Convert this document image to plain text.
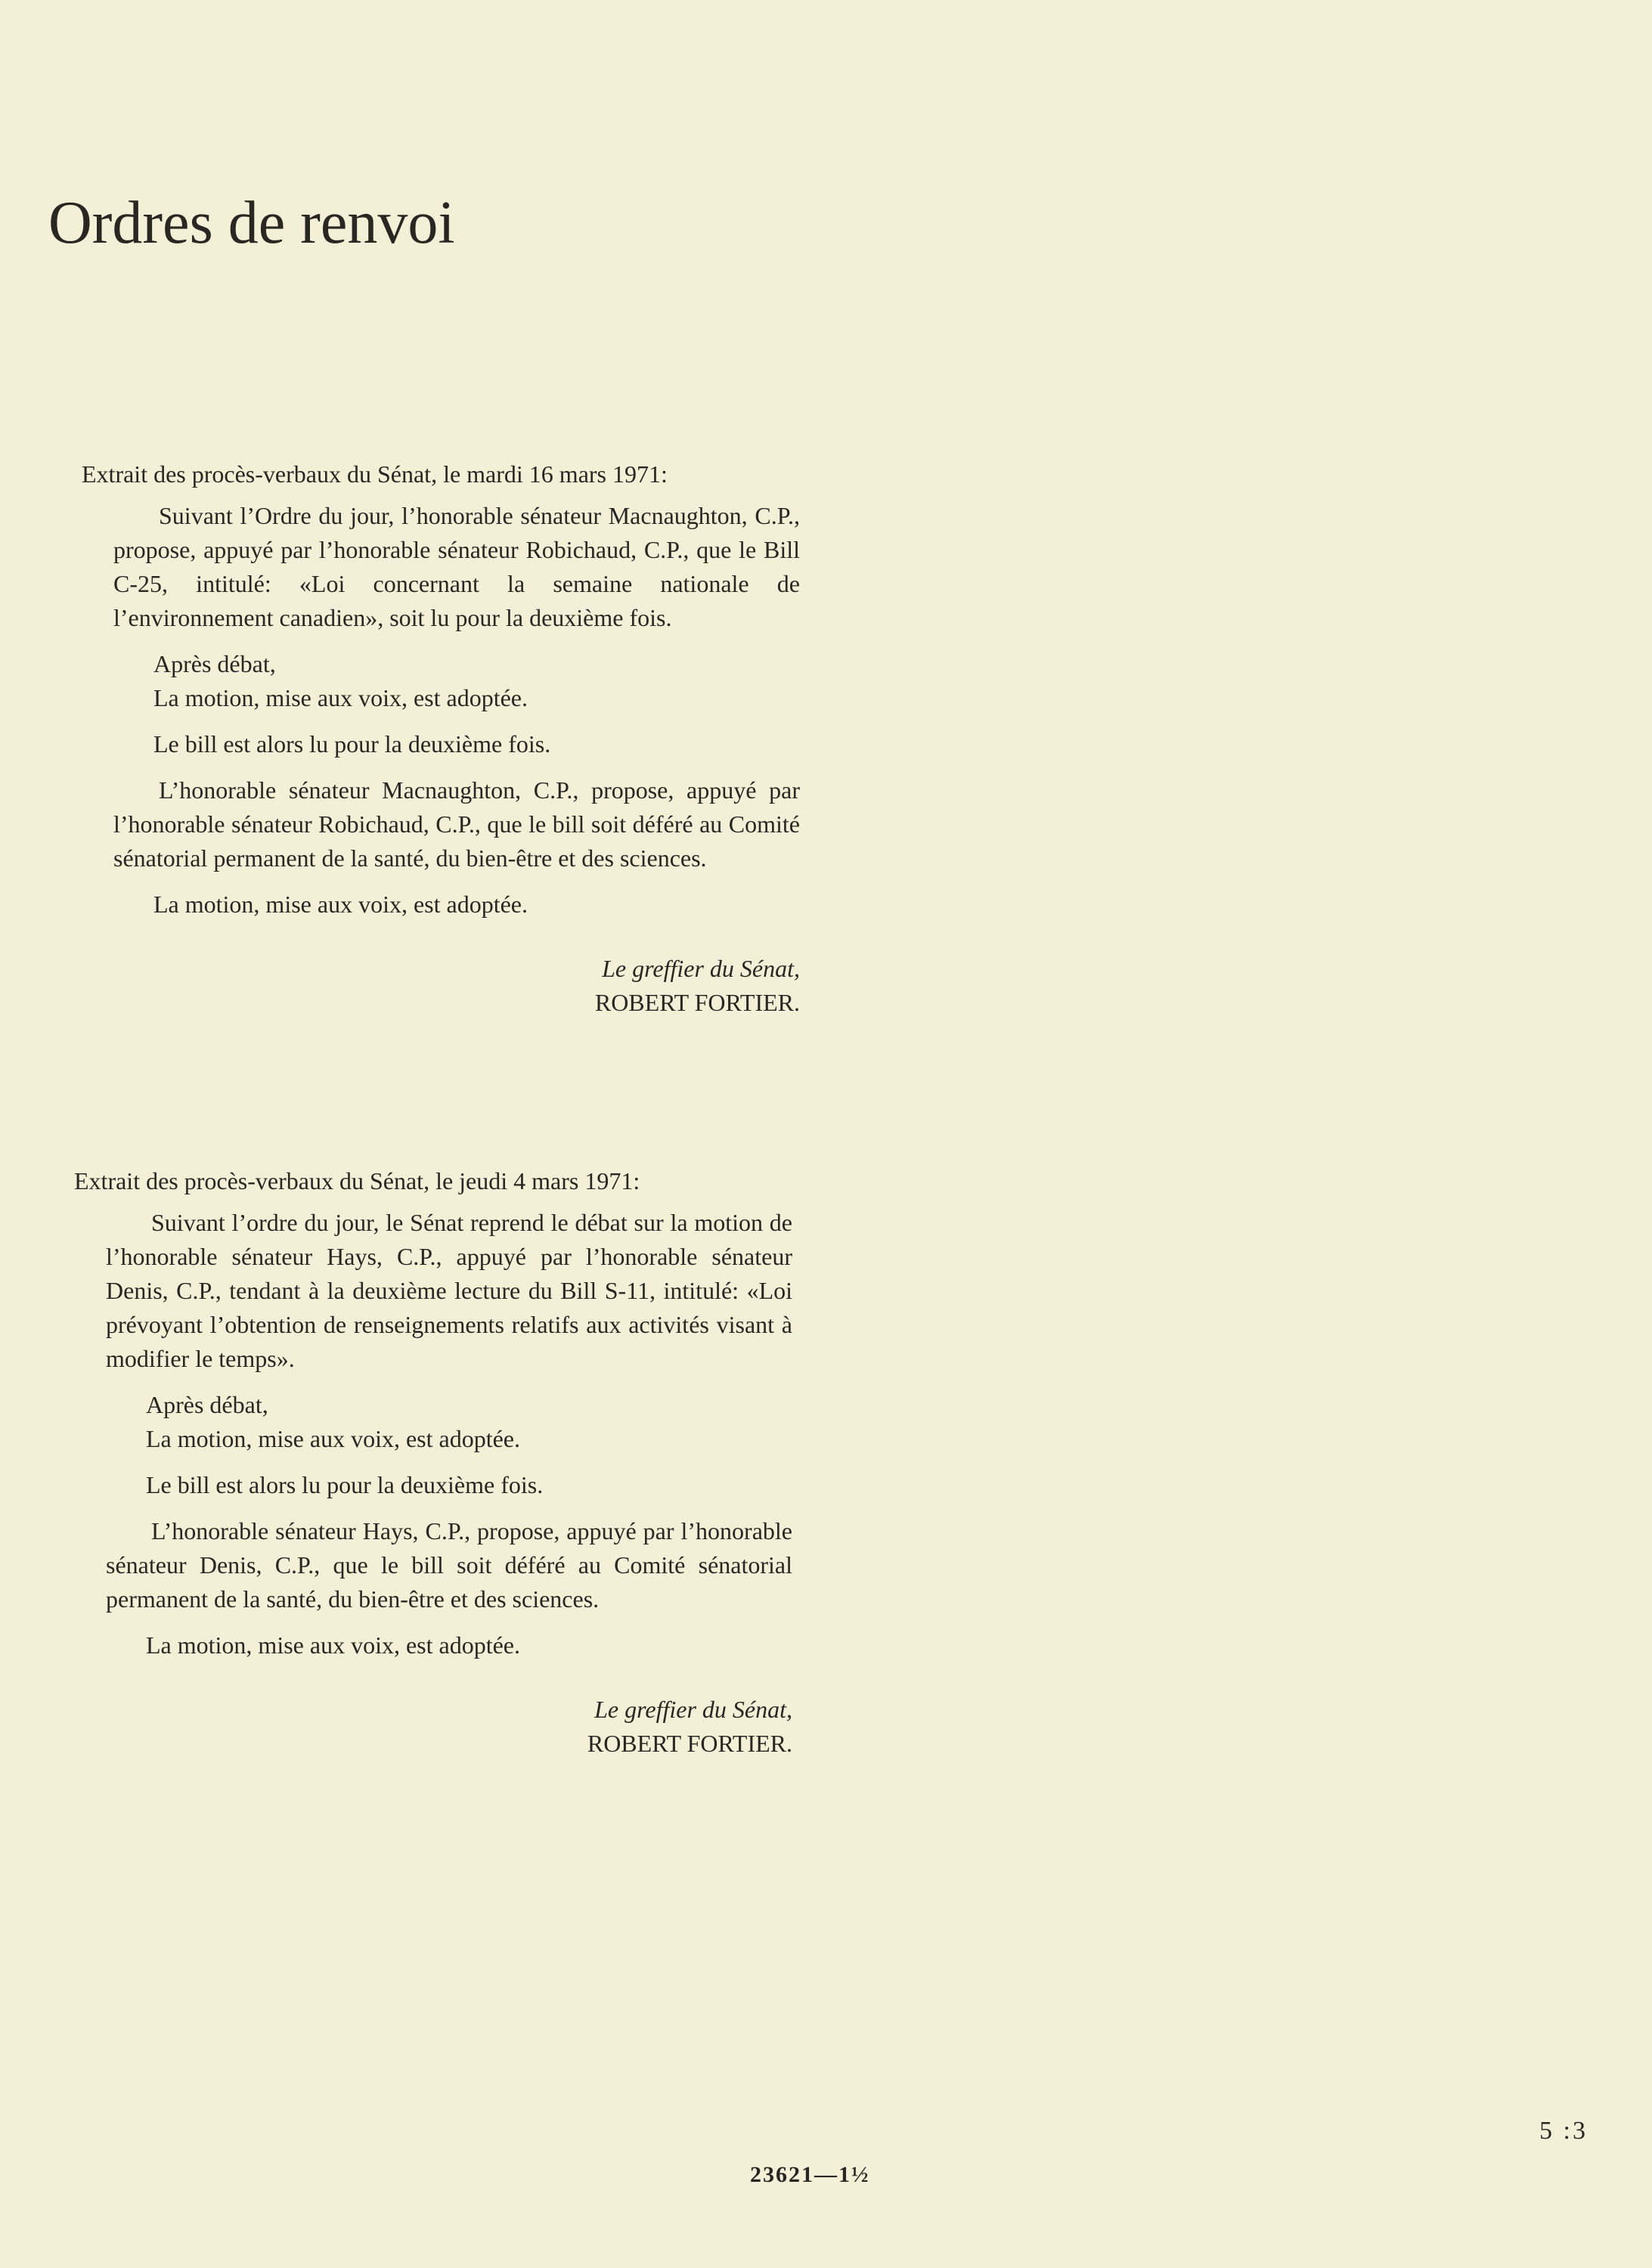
Ordres de renvoi

Extrait des procès-verbaux du Sénat, le mardi 16 mars 1971:

Suivant l’Ordre du jour, l’honorable sénateur Macnaughton, C.P., propose, appuyé par l’honorable sénateur Robichaud, C.P., que le Bill C-25, intitulé: «Loi concernant la semaine nationale de l’environnement canadien», soit lu pour la deuxième fois.

Après débat,
La motion, mise aux voix, est adoptée.

Le bill est alors lu pour la deuxième fois.

L’honorable sénateur Macnaughton, C.P., propose, appuyé par l’honorable sénateur Robichaud, C.P., que le bill soit déféré au Comité sénatorial permanent de la santé, du bien-être et des sciences.

La motion, mise aux voix, est adoptée.

Le greffier du Sénat,
ROBERT FORTIER.

Extrait des procès-verbaux du Sénat, le jeudi 4 mars 1971:

Suivant l’ordre du jour, le Sénat reprend le débat sur la motion de l’honorable sénateur Hays, C.P., appuyé par l’honorable sénateur Denis, C.P., tendant à la deuxième lecture du Bill S-11, intitulé: «Loi prévoyant l’obtention de renseignements relatifs aux activités visant à modifier le temps».

Après débat,
La motion, mise aux voix, est adoptée.

Le bill est alors lu pour la deuxième fois.

L’honorable sénateur Hays, C.P., propose, appuyé par l’honorable sénateur Denis, C.P., que le bill soit déféré au Comité sénatorial permanent de la santé, du bien-être et des sciences.

La motion, mise aux voix, est adoptée.

Le greffier du Sénat,
ROBERT FORTIER.
5 :3
23621—1½
